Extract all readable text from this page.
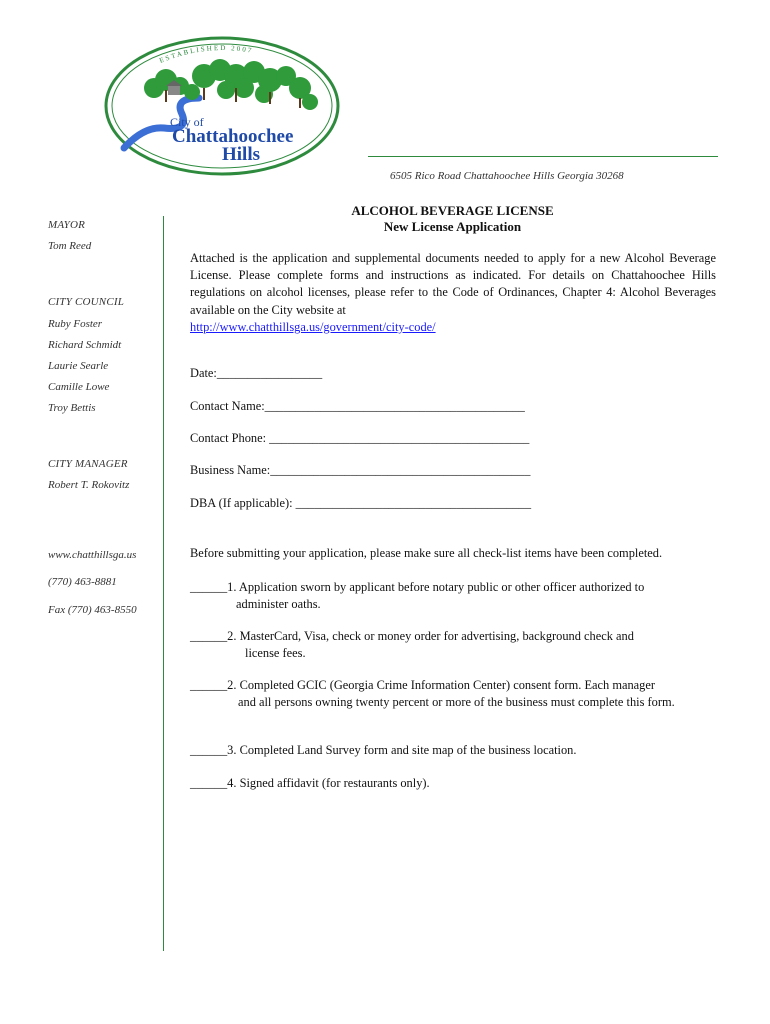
ESTABLISHED 2007
City of
Chattahoochee
Hills
6505 Rico Road Chattahoochee Hills Georgia 30268
MAYOR
Tom Reed
CITY COUNCIL
Ruby Foster
Richard Schmidt
Laurie Searle
Camille Lowe
Troy Bettis
CITY MANAGER
Robert T. Rokovitz
www.chatthillsga.us
(770) 463-8881
Fax (770) 463-8550
ALCOHOL BEVERAGE LICENSE
New License Application
Attached is the application and supplemental documents needed to apply for a new Alcohol Beverage License. Please complete forms and instructions as indicated. For details on Chattahoochee Hills regulations on alcohol licenses, please refer to the Code of Ordinances, Chapter 4: Alcohol Beverages available on the City website at
http://www.chatthillsga.us/government/city-code/
Date:_________________
Contact Name:__________________________________________
Contact Phone: __________________________________________
Business Name:__________________________________________
DBA (If applicable): ______________________________________
Before submitting your application, please make sure all check-list items have been completed.
______1. Application sworn by applicant before notary public or other officer authorized to
administer oaths.
______2. MasterCard, Visa, check or money order for advertising, background check and
license fees.
______2. Completed GCIC (Georgia Crime Information Center) consent form. Each manager
and all persons owning twenty percent or more of the business must complete this form.
______3. Completed Land Survey form and site map of the business location.
______4. Signed affidavit (for restaurants only).
